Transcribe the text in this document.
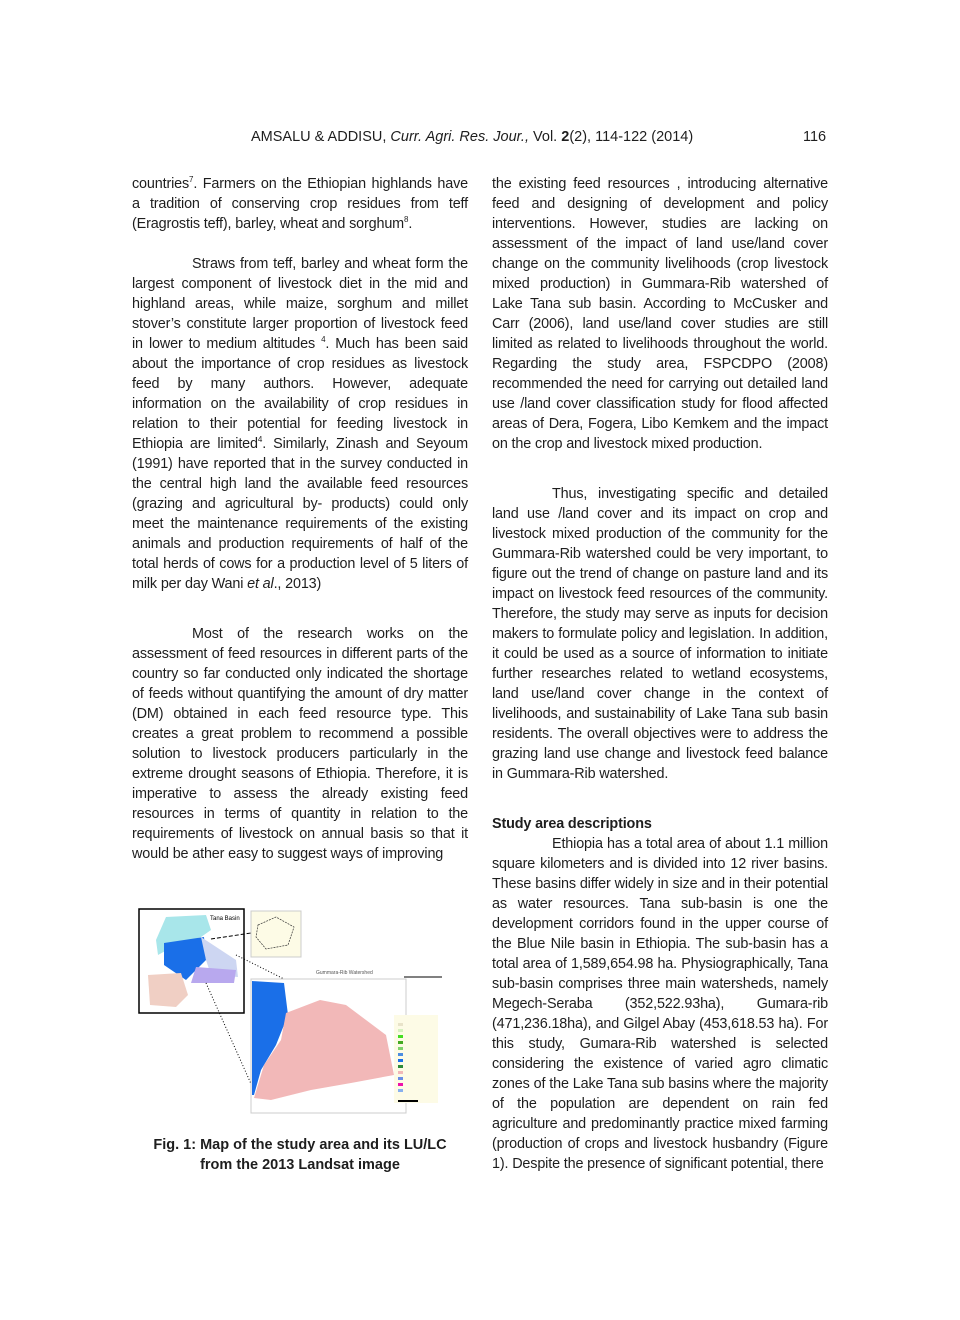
AMSALU & ADDISU, Curr. Agri. Res. Jour., Vol. 2(2), 114-122 (2014)	116

countries$^7$. Farmers on the Ethiopian highlands have a tradition of conserving crop residues from teff (Eragrostis teff), barley, wheat and sorghum$^8$.

Straws from teff, barley and wheat form the largest component of livestock diet in the mid and highland areas, while maize, sorghum and millet stover’s constitute larger proportion of livestock feed in lower to medium altitudes $^4$. Much has been said about the importance of crop residues as livestock feed by many authors. However, adequate information on the availability of crop residues in relation to their potential for feeding livestock in Ethiopia are limited$^4$. Similarly, Zinash and Seyoum (1991) have reported that in the survey conducted in the central high land the available feed resources (grazing and agricultural by- products) could only meet the maintenance requirements of the existing animals and production requirements of half of the total herds of cows for a production level of 5 liters of milk per day Wani et al., 2013)

Most of the research works on the assessment of feed resources in different parts of the country so far conducted only indicated the shortage of feeds without quantifying the amount of dry matter (DM) obtained in each feed resource type. This creates a great problem to recommend a possible solution to livestock producers particularly in the extreme drought seasons of Ethiopia. Therefore, it is imperative to assess the already existing feed resources in terms of quantity in relation to the requirements of livestock on annual basis so that it would be ather easy to suggest ways of improving

Tana Basin
Gummara-Rib Watershed
Fig. 1: Map of the study area and its LU/LC
from the 2013 Landsat image

the existing feed resources , introducing alternative feed and designing of development and policy interventions. However, studies are lacking on assessment of the impact of land use/land cover change on the community livelihoods (crop livestock mixed production) in Gummara-Rib watershed of Lake Tana sub basin. According to McCusker and Carr (2006), land use/land cover studies are still limited as related to livelihoods throughout the world. Regarding the study area, FSPCDPO (2008) recommended the need for carrying out detailed land use /land cover classification study for flood affected areas of Dera, Fogera, Libo Kemkem and the impact on the crop and livestock mixed production.

Thus, investigating specific and detailed land use /land cover and its impact on crop and livestock mixed production of the community for the Gummara-Rib watershed could be very important, to figure out the trend of change on pasture land and its impact on livestock feed resources of the community. Therefore, the study may serve as inputs for decision makers to formulate policy and legislation. In addition, it could be used as a source of information to initiate further researches related to wetland ecosystems, land use/land cover change in the context of livelihoods, and sustainability of Lake Tana sub basin residents. The overall objectives were to address the grazing land use change and livestock feed balance in Gummara-Rib watershed.

Study area descriptions

Ethiopia has a total area of about 1.1 million square kilometers and is divided into 12 river basins. These basins differ widely in size and in their potential as water resources. Tana sub-basin is one the development corridors found in the upper course of the Blue Nile basin in Ethiopia. The sub-basin has a total area of 1,589,654.98 ha. Physiographically, Tana sub-basin comprises three main watersheds, namely Megech-Seraba (352,522.93ha), Gumara-rib (471,236.18ha), and Gilgel Abay (453,618.53 ha). For this study, Gumara-Rib watershed is selected considering the existence of varied agro climatic zones of the Lake Tana sub basins where the majority of the population are dependent on rain fed agriculture and predominantly practice mixed farming (production of crops and livestock husbandry (Figure 1). Despite the presence of significant potential, there
